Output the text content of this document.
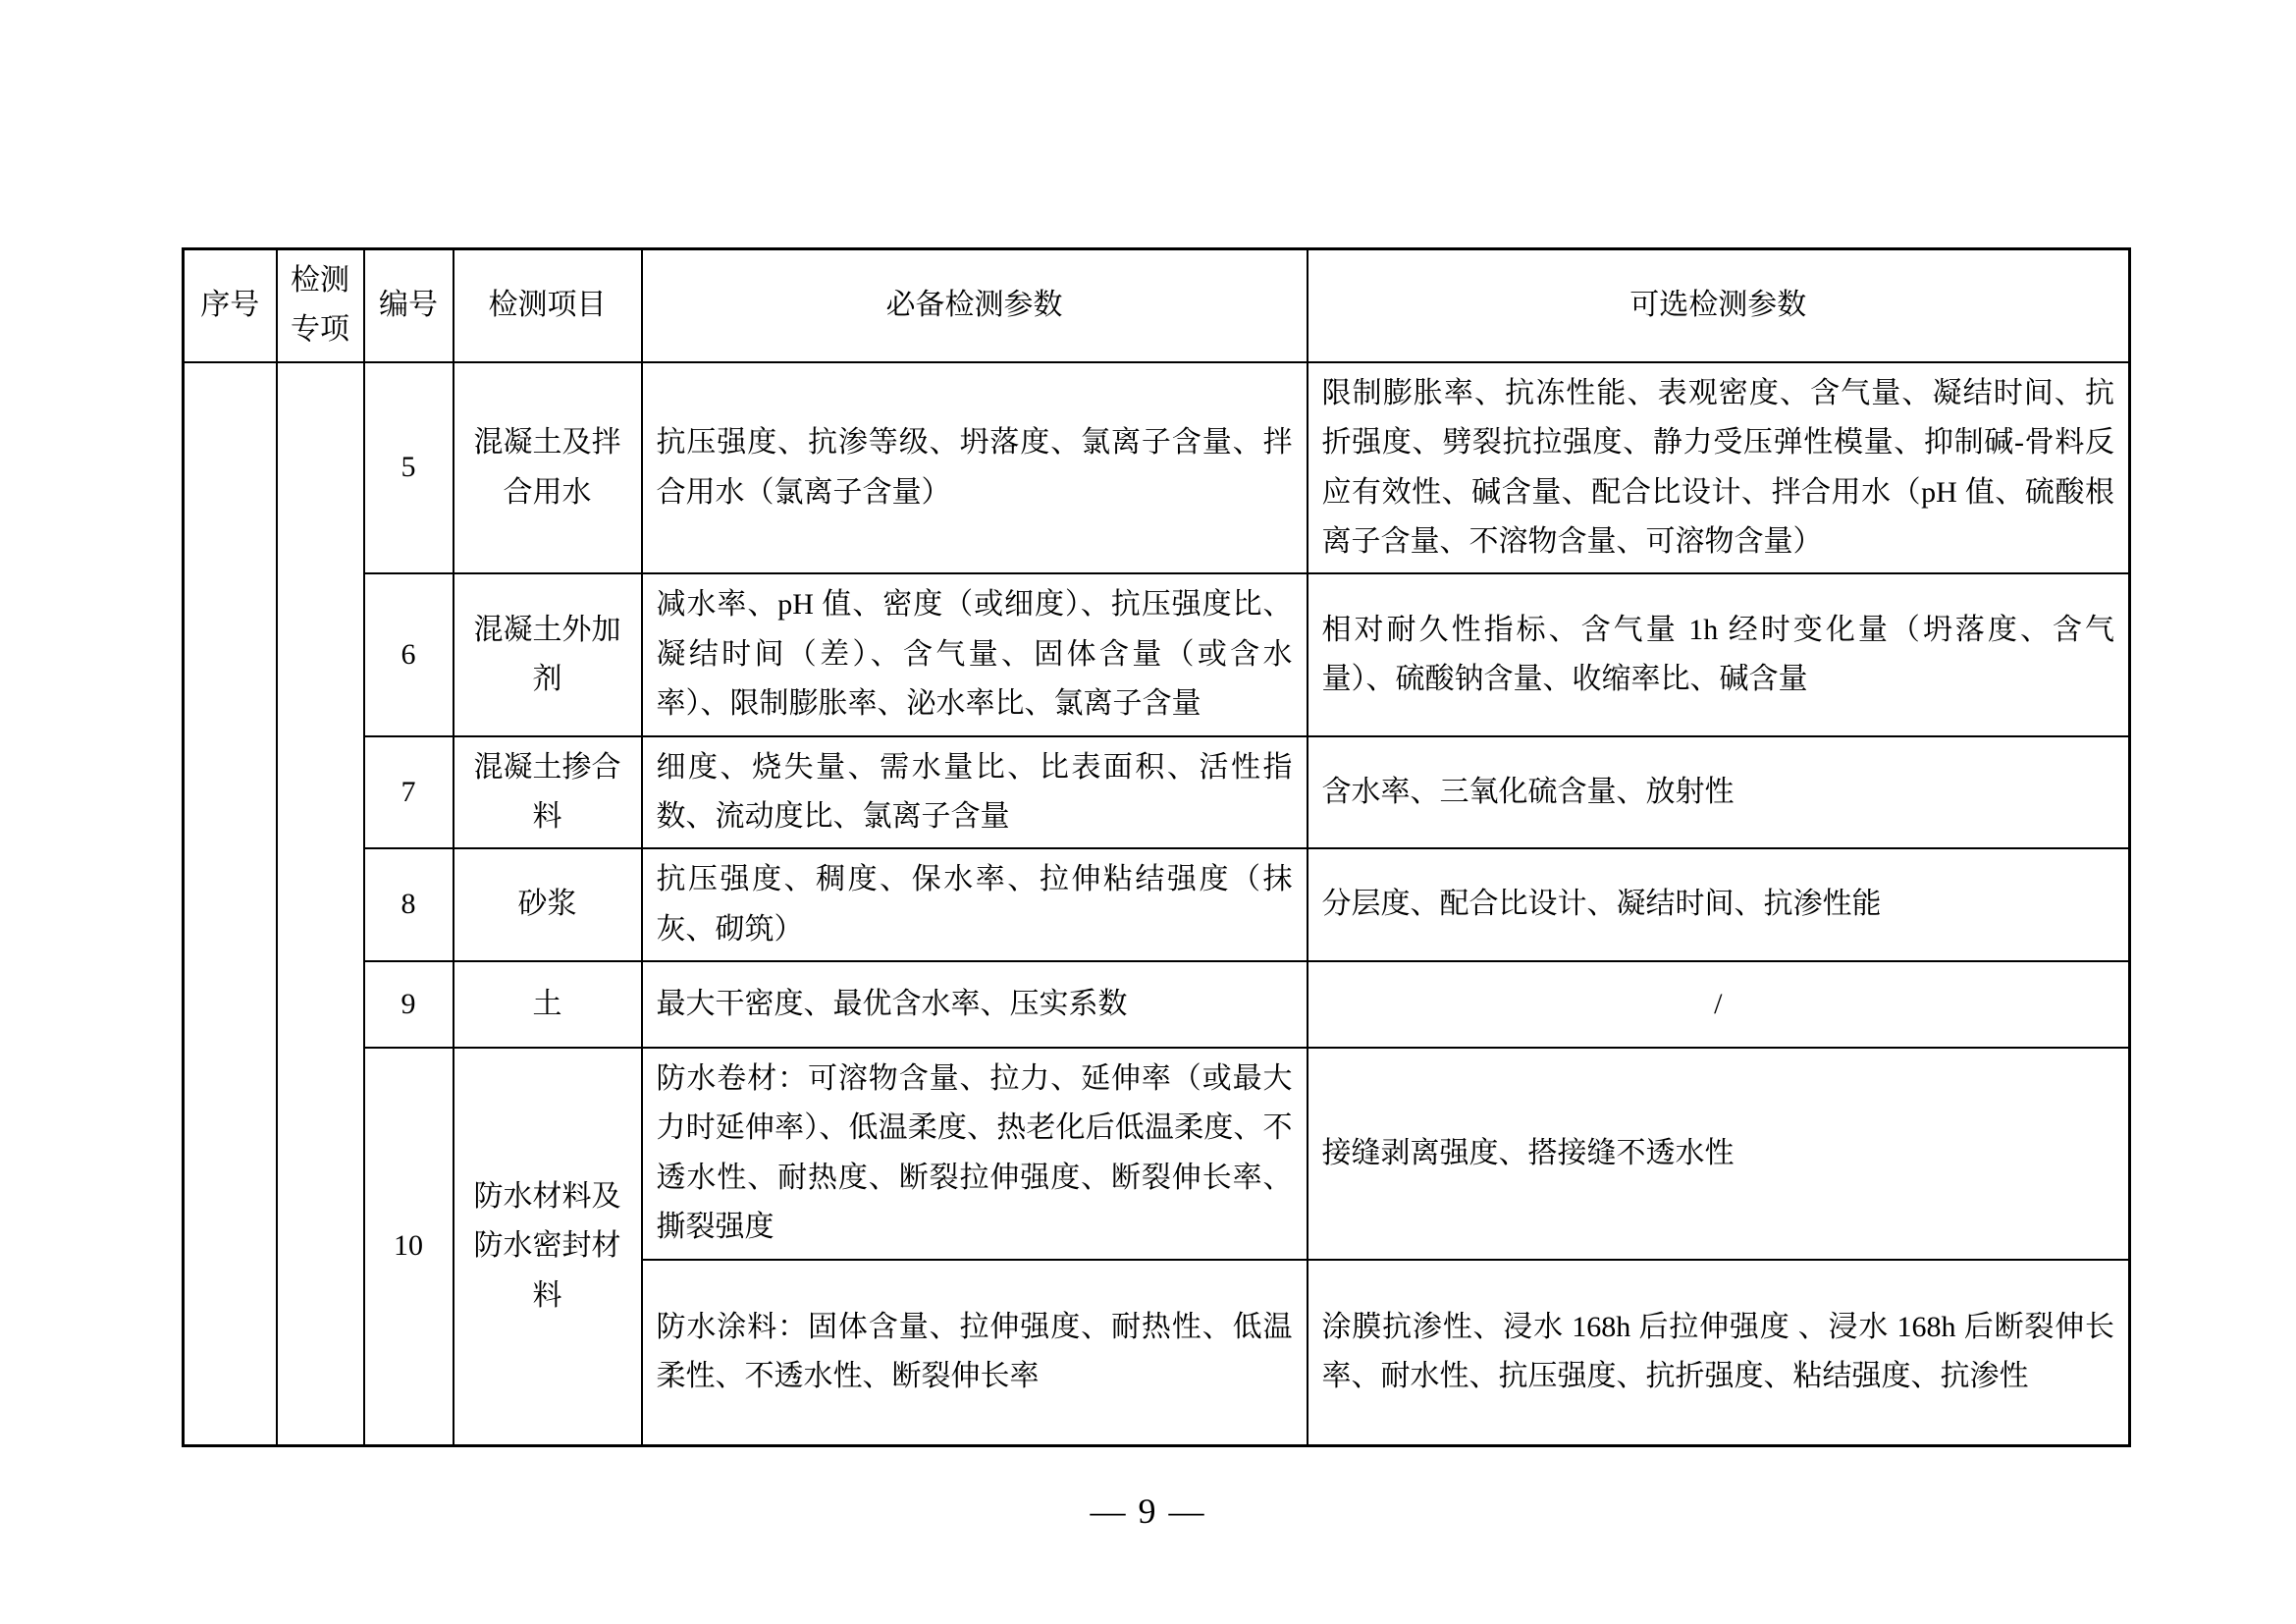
序号	检测专项	编号	检测项目	必备检测参数	可选检测参数
		5	混凝土及拌合用水	抗压强度、抗渗等级、坍落度、氯离子含量、拌合用水（氯离子含量）	限制膨胀率、抗冻性能、表观密度、含气量、凝结时间、抗折强度、劈裂抗拉强度、静力受压弹性模量、抑制碱-骨料反应有效性、碱含量、配合比设计、拌合用水（pH 值、硫酸根离子含量、不溶物含量、可溶物含量）
		6	混凝土外加剂	减水率、pH 值、密度（或细度）、抗压强度比、凝结时间（差）、含气量、固体含量（或含水率）、限制膨胀率、泌水率比、氯离子含量	相对耐久性指标、含气量 1h 经时变化量（坍落度、含气量）、硫酸钠含量、收缩率比、碱含量
		7	混凝土掺合料	细度、烧失量、需水量比、比表面积、活性指数、流动度比、氯离子含量	含水率、三氧化硫含量、放射性
		8	砂浆	抗压强度、稠度、保水率、拉伸粘结强度（抹灰、砌筑）	分层度、配合比设计、凝结时间、抗渗性能
		9	土	最大干密度、最优含水率、压实系数	/
		10	防水材料及防水密封材料	防水卷材：可溶物含量、拉力、延伸率（或最大力时延伸率）、低温柔度、热老化后低温柔度、不透水性、耐热度、断裂拉伸强度、断裂伸长率、撕裂强度	接缝剥离强度、搭接缝不透水性
				防水涂料：固体含量、拉伸强度、耐热性、低温柔性、不透水性、断裂伸长率	涂膜抗渗性、浸水 168h 后拉伸强度 、浸水 168h 后断裂伸长率、耐水性、抗压强度、抗折强度、粘结强度、抗渗性
— 9 —
